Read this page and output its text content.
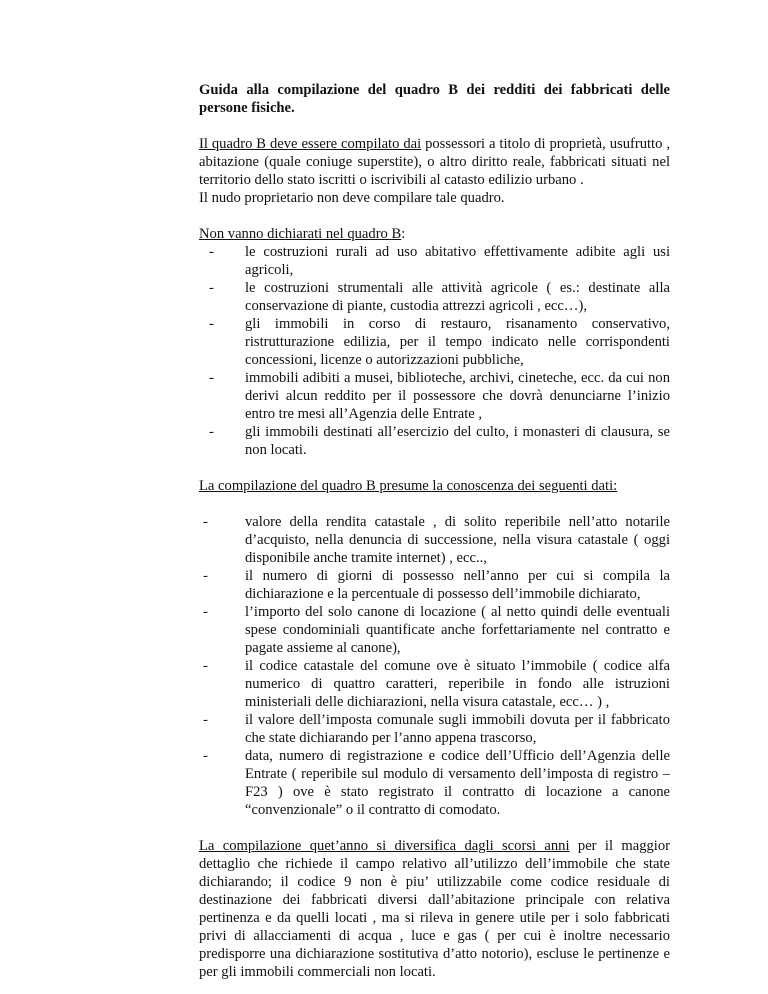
Guida alla compilazione del quadro B dei redditi dei fabbricati delle persone fisiche.

Il quadro B deve essere compilato dai possessori a titolo di proprietà, usufrutto , abitazione (quale coniuge superstite), o altro diritto reale, fabbricati situati nel territorio dello stato iscritti o iscrivibili al catasto edilizio urbano .

Il nudo proprietario non deve compilare tale quadro.

Non vanno dichiarati nel quadro B:

- le costruzioni rurali ad uso abitativo effettivamente adibite agli usi agricoli,
- le costruzioni strumentali alle attività agricole ( es.: destinate alla conservazione di piante, custodia attrezzi agricoli , ecc…),
- gli immobili in corso di restauro, risanamento conservativo, ristrutturazione edilizia, per il tempo indicato nelle corrispondenti concessioni, licenze o autorizzazioni pubbliche,
- immobili adibiti a musei, biblioteche, archivi, cineteche, ecc. da cui non derivi alcun reddito per il possessore che dovrà denunciarne l’inizio entro tre mesi all’Agenzia delle Entrate ,
- gli immobili destinati all’esercizio del culto, i monasteri di clausura, se non locati.

La compilazione del quadro B presume la conoscenza dei seguenti dati:

- valore della rendita catastale , di solito reperibile nell’atto notarile d’acquisto, nella denuncia di successione, nella visura catastale ( oggi disponibile anche tramite internet) , ecc..,
- il numero di giorni di possesso nell’anno per cui si compila la dichiarazione e la percentuale di possesso dell’immobile dichiarato,
- l’importo del solo canone di locazione ( al netto quindi delle eventuali spese condominiali quantificate anche forfettariamente nel contratto e pagate assieme al canone),
- il codice catastale del comune ove è situato l’immobile ( codice alfa numerico di quattro caratteri, reperibile in fondo alle istruzioni ministeriali delle dichiarazioni, nella visura catastale, ecc… ) ,
- il valore dell’imposta comunale sugli immobili dovuta per il fabbricato che state dichiarando per l’anno appena trascorso,
- data, numero di registrazione e codice dell’Ufficio dell’Agenzia delle Entrate ( reperibile sul modulo di versamento dell’imposta di registro –F23 ) ove è stato registrato il contratto di locazione a canone “convenzionale” o il contratto di comodato.

La compilazione quet’anno si diversifica dagli scorsi anni per il maggior dettaglio che richiede il campo relativo all’utilizzo dell’immobile che state dichiarando; il codice 9 non è piu’ utilizzabile come codice residuale di destinazione dei fabbricati diversi dall’abitazione principale con relativa pertinenza e da quelli locati , ma si rileva in genere utile per i solo fabbricati privi di allacciamenti di acqua , luce e gas ( per cui è inoltre necessario predisporre una dichiarazione sostitutiva d’atto notorio), escluse le pertinenze e per gli immobili commerciali non locati.
